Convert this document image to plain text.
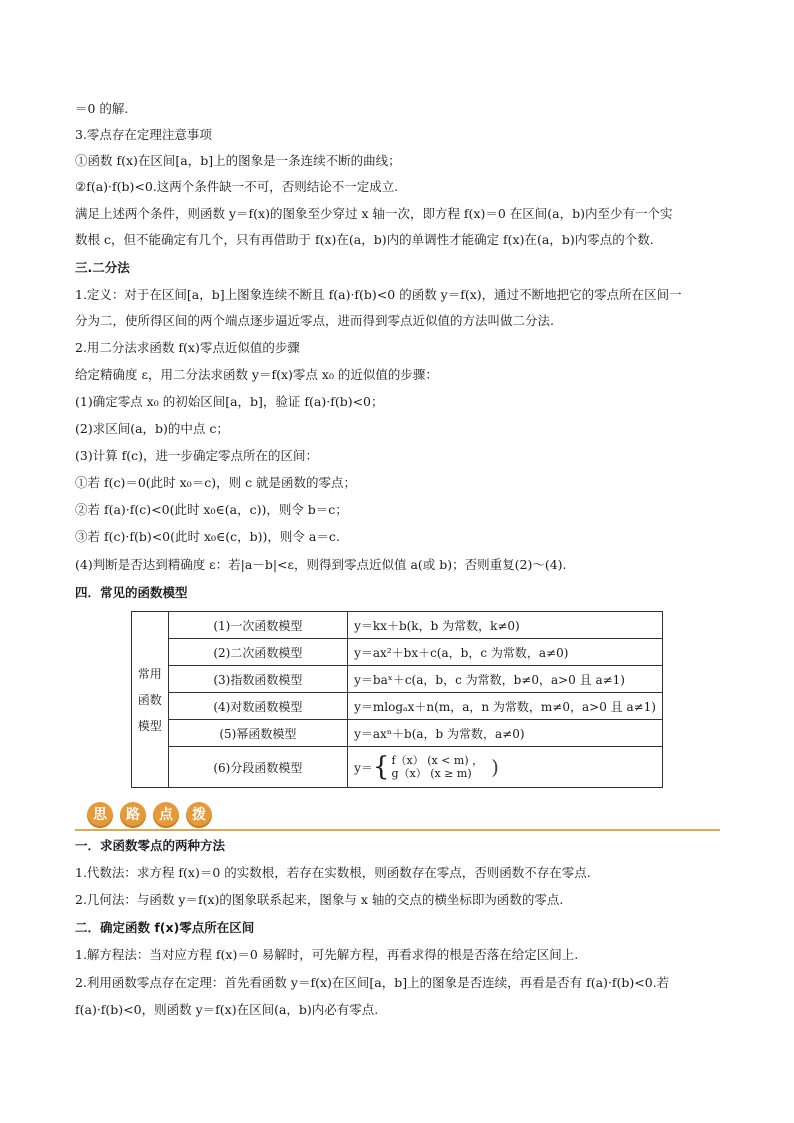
＝0 的解.
3.零点存在定理注意事项
①函数 f(x)在区间[a，b]上的图象是一条连续不断的曲线；
②f(a)·f(b)<0.这两个条件缺一不可，否则结论不一定成立.
满足上述两个条件，则函数 y＝f(x)的图象至少穿过 x 轴一次，即方程 f(x)＝0 在区间(a，b)内至少有一个实
数根 c，但不能确定有几个，只有再借助于 f(x)在(a，b)内的单调性才能确定 f(x)在(a，b)内零点的个数.
三.二分法
1.定义：对于在区间[a，b]上图象连续不断且 f(a)·f(b)<0 的函数 y＝f(x)，通过不断地把它的零点所在区间一
分为二，使所得区间的两个端点逐步逼近零点，进而得到零点近似值的方法叫做二分法.
2.用二分法求函数 f(x)零点近似值的步骤
给定精确度 ε，用二分法求函数 y＝f(x)零点 x₀ 的近似值的步骤：
(1)确定零点 x₀ 的初始区间[a，b]，验证 f(a)·f(b)<0；
(2)求区间(a，b)的中点 c；
(3)计算 f(c)，进一步确定零点所在的区间：
①若 f(c)＝0(此时 x₀＝c)，则 c 就是函数的零点；
②若 f(a)·f(c)<0(此时 x₀∈(a，c))，则令 b＝c；
③若 f(c)·f(b)<0(此时 x₀∈(c，b))，则令 a＝c.
(4)判断是否达到精确度 ε：若|a－b|<ε，则得到零点近似值 a(或 b)；否则重复(2)～(4).
四．常见的函数模型
常用
函数
模型	(1)一次函数模型	y＝kx＋b(k，b 为常数，k≠0)
	(2)二次函数模型	y＝ax²＋bx＋c(a，b，c 为常数，a≠0)
	(3)指数函数模型	y＝baˣ＋c(a，b，c 为常数，b≠0，a>0 且 a≠1)
	(4)对数函数模型	y＝mlogₐx＋n(m，a，n 为常数，m≠0，a>0 且 a≠1)
	(5)幂函数模型	y＝axⁿ＋b(a，b 为常数，a≠0)
	(6)分段函数模型	y＝ { f（x） (x < m) ，
g（x） (x ≥ m) )
思	路	点	拨
一．求函数零点的两种方法
1.代数法：求方程 f(x)＝0 的实数根，若存在实数根，则函数存在零点，否则函数不存在零点.
2.几何法：与函数 y＝f(x)的图象联系起来，图象与 x 轴的交点的横坐标即为函数的零点.
二．确定函数 f(x)零点所在区间
1.解方程法：当对应方程 f(x)＝0 易解时，可先解方程，再看求得的根是否落在给定区间上.
2.利用函数零点存在定理：首先看函数 y＝f(x)在区间[a，b]上的图象是否连续，再看是否有 f(a)·f(b)<0.若
f(a)·f(b)<0，则函数 y＝f(x)在区间(a，b)内必有零点.
